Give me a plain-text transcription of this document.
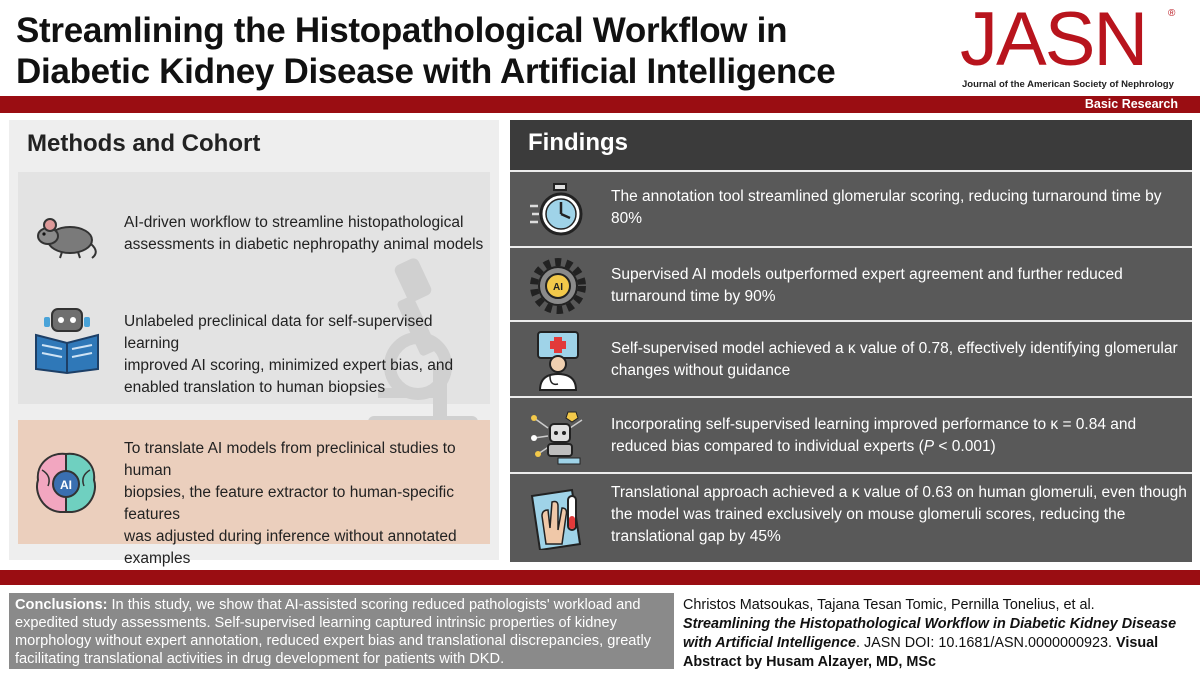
Streamlining the Histopathological Workflow in
Diabetic Kidney Disease with Artificial Intelligence	JASN ®
Journal of the American Society of Nephrology
Basic Research
Methods and Cohort
AI-driven workflow to streamline histopathological
assessments in diabetic nephropathy animal models
Unlabeled preclinical data for self-supervised learning
improved AI scoring, minimized expert bias, and
enabled translation to human biopsies
AI
To translate AI models from preclinical studies to human
biopsies, the feature extractor to human-specific features
was adjusted during inference without annotated
examples
Findings
The annotation tool streamlined glomerular scoring, reducing turnaround time by
80%
AI
Supervised AI models outperformed expert agreement and further reduced
turnaround time by 90%
Self-supervised model achieved a κ value of 0.78, effectively identifying glomerular
changes without guidance
Incorporating self-supervised learning improved performance to κ = 0.84 and
reduced bias compared to individual experts (P < 0.001)
Translational approach achieved a κ value of 0.63 on human glomeruli, even though
the model was trained exclusively on mouse glomeruli scores, reducing the
translational gap by 45%
Conclusions: In this study, we show that AI-assisted scoring reduced pathologists' workload and expedited study assessments. Self-supervised learning captured intrinsic properties of kidney morphology without expert annotation, reduced expert bias and translational discrepancies, greatly facilitating translational activities in drug development for patients with DKD.
Christos Matsoukas, Tajana Tesan Tomic, Pernilla Tonelius, et al.
Streamlining the Histopathological Workflow in Diabetic Kidney Disease with Artificial Intelligence. JASN DOI: 10.1681/ASN.0000000923. Visual Abstract by Husam Alzayer, MD, MSc
